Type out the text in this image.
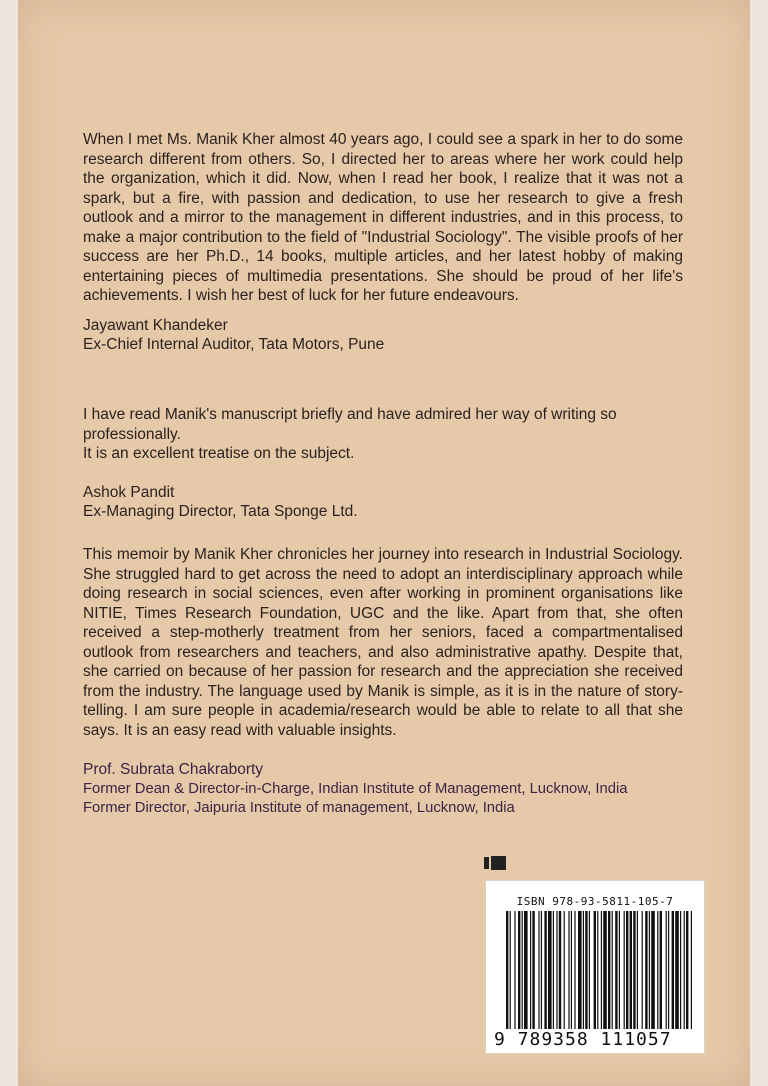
When I met Ms. Manik Kher almost 40 years ago, I could see a spark in her to do some research different from others. So, I directed her to areas where her work could help the organization, which it did. Now, when I read her book, I realize that it was not a spark, but a fire, with passion and dedication, to use her research to give a fresh outlook and a mirror to the management in different industries, and in this process, to make a major contribution to the field of "Industrial Sociology". The visible proofs of her success are her Ph.D., 14 books, multiple articles, and her latest hobby of making entertaining pieces of multimedia presentations. She should be proud of her life's achievements. I wish her best of luck for her future endeavours.

Jayawant Khandeker
Ex-Chief Internal Auditor, Tata Motors, Pune

I have read Manik's manuscript briefly and have admired her way of writing so professionally.

It is an excellent treatise on the subject.

Ashok Pandit
Ex-Managing Director, Tata Sponge Ltd.

This memoir by Manik Kher chronicles her journey into research in Industrial Sociology. She struggled hard to get across the need to adopt an interdisciplinary approach while doing research in social sciences, even after working in prominent organisations like NITIE, Times Research Foundation, UGC and the like. Apart from that, she often received a step-motherly treatment from her seniors, faced a compartmentalised outlook from researchers and teachers, and also administrative apathy. Despite that, she carried on because of her passion for research and the appreciation she received from the industry. The language used by Manik is simple, as it is in the nature of story-telling. I am sure people in academia/research would be able to relate to all that she says. It is an easy read with valuable insights.

Prof. Subrata Chakraborty
Former Dean & Director-in-Charge, Indian Institute of Management, Lucknow, India
Former Director, Jaipuria Institute of management, Lucknow, India
ISBN 978-93-5811-105-7
9 789358 111057
